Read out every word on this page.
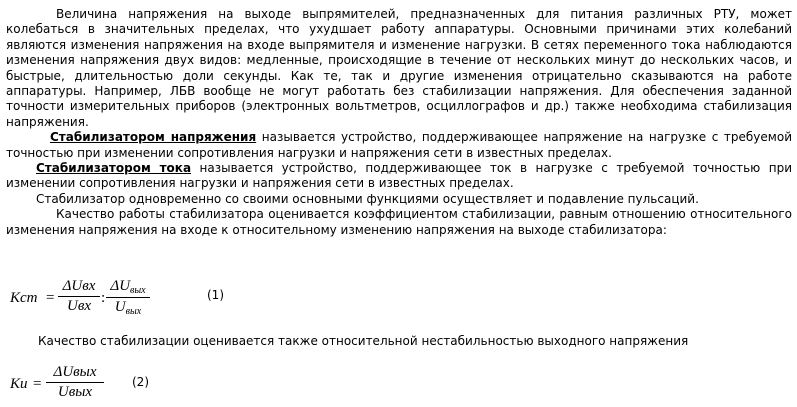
Величина напряжения на выходе выпрямителей, предназначенных для питания различных РТУ, может колебаться в значительных пределах, что ухудшает работу аппаратуры. Основными причинами этих колебаний являются изменения напряжения на входе выпрямителя и изменение нагрузки. В сетях переменного тока наблюдаются изменения напряжения двух видов: медленные, происходящие в течение от нескольких минут до нескольких часов, и быстрые, длительностью доли секунды. Как те, так и другие изменения отрицательно сказываются на работе аппаратуры. Например, ЛБВ вообще не могут работать без стабилизации напряжения. Для обеспечения заданной точности измерительных приборов (электронных вольтметров, осциллографов и др.) также необходима стабилизация напряжения.

Стабилизатором напряжения называется устройство, поддерживающее напряжение на нагрузке с требуемой точностью при изменении сопротивления нагрузки и напряжения сети в известных пределах.

Стабилизатором тока называется устройство, поддерживающее ток в нагрузке с требуемой точностью при изменении сопротивления нагрузки и напряжения сети в известных пределах.

Стабилизатор одновременно со своими основными функциями осуществляет и подавление пульсаций.

Качество работы стабилизатора оценивается коэффициентом стабилизации, равным отношению относительного изменения напряжения на входе к относительному изменению напряжения на выходе стабилизатора:

Kст =
ΔUвх
Uвх :
$\Delta U_{вых}$
$U_{вых}$
(1)

Качество стабилизации оценивается также относительной нестабильностью выходного напряжения

Ku =
ΔUвых
Uвых
(2)
